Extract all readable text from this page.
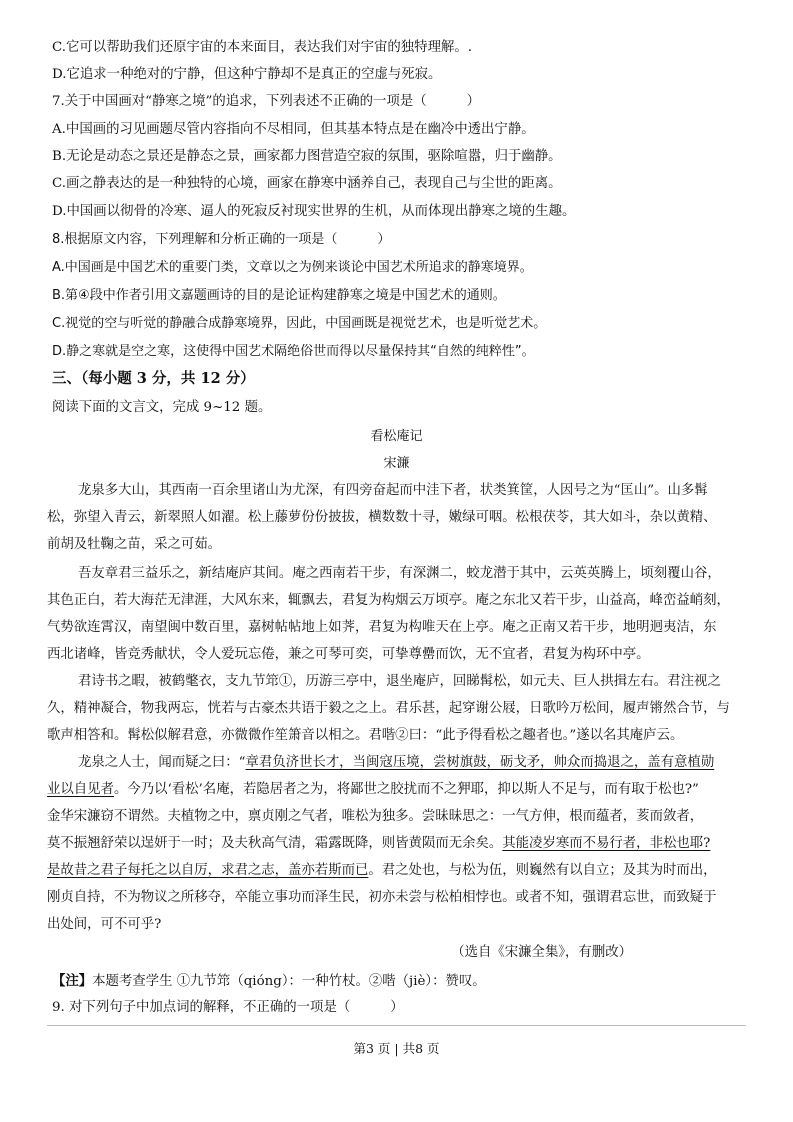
C.它可以帮助我们还原宇宙的本来面目，表达我们对宇宙的独特理解。.
D.它追求一种绝对的宁静，但这种宁静却不是真正的空虚与死寂。
7.关于中国画对“静寒之境”的追求，下列表述不正确的一项是（	）
A.中国画的习见画题尽管内容指向不尽相同，但其基本特点是在幽冷中透出宁静。
B.无论是动态之景还是静态之景，画家都力图营造空寂的氛围，驱除喧嚣，归于幽静。
C.画之静表达的是一种独特的心境，画家在静寒中涵养自己，表现自己与尘世的距离。
D.中国画以彻骨的冷寒、逼人的死寂反衬现实世界的生机，从而体现出静寒之境的生趣。
8.根据原文内容，下列理解和分析正确的一项是（	）
A.中国画是中国艺术的重要门类，文章以之为例来谈论中国艺术所追求的静寒境界。
B.第④段中作者引用文嘉题画诗的目的是论证构建静寒之境是中国艺术的通则。
C.视觉的空与听觉的静融合成静寒境界，因此，中国画既是视觉艺术，也是听觉艺术。
D.静之寒就是空之寒，这使得中国艺术隔绝俗世而得以尽量保持其“自然的纯粹性”。
三、（每小题 3 分，共 12 分）
阅读下面的文言文，完成 9~12 题。
看松庵记
宋濂
龙泉多大山，其西南一百余里诸山为尤深，有四旁奋起而中洼下者，状类箕筐，人因号之为“匡山”。山多髯
松，弥望入青云，新翠照人如濯。松上藤萝份份披拔，横数数十寻，嫩绿可咽。松根茯苓，其大如斗，杂以黄精、
前胡及牡鞠之苗，采之可茹。
吾友章君三益乐之，新结庵庐其间。庵之西南若干步，有深渊二，蛟龙潜于其中，云英英腾上，顷刻覆山谷，
其色正白，若大海茫无津涯，大风东来，辄飘去，君复为构烟云万顷亭。庵之东北又若干步，山益高，峰峦益峭刻，
气势欲连霄汉，南望闽中数百里，嘉树帖帖地上如荠，君复为构唯天在上亭。庵之正南又若干步，地明迥夷洁，东
西北诸峰，皆竞秀献状，令人爱玩忘倦，兼之可琴可奕，可挚尊罍而饮，无不宜者，君复为构环中亭。
君诗书之暇，被鹤氅衣，支九节筇①，历游三亭中，退坐庵庐，回睇髯松，如元夫、巨人拱揖左右。君注视之
久，精神凝合，物我两忘，恍若与古豪杰共语于毅之之上。君乐甚，起穿谢公屐，日歌吟万松间，履声锵然合节，与
歌声相答和。髯松似解君意，亦微微作笙箫音以相之。君喈②曰：“此予得看松之趣者也。”遂以名其庵庐云。
龙泉之人士，闻而疑之曰：“章君负济世长才，当闽寇压境，尝树旗鼓，砺戈矛，帅众而捣退之，盖有意植勋
业以自见者。今乃以‘看松’名庵，若隐居者之为，将鄙世之胶扰而不之狎耶，抑以斯人不足与，而有取于松也?”
金华宋濂窃不谓然。夫植物之中，禀贞刚之气者，唯松为独多。尝昧昧思之：一气方伸，根而蕴者，荄而敛者，
莫不振翘舒荣以逞妍于一时；及夫秋高气清，霜露既降，则皆黄陨而无余矣。其能凌岁寒而不易行者，非松也耶?
是故昔之君子每托之以自厉，求君之志，盖亦若斯而已。君之处也，与松为伍，则巍然有以自立；及其为时而出，
刚贞自持，不为物议之所移夺，卒能立事功而泽生民，初亦未尝与松柏相悖也。或者不知，强谓君忘世，而致疑于
出处间，可不可乎?
（选自《宋濂全集》，有删改）
【注】本题考查学生 ①九节筇（qióng）：一种竹杖。②喈（jiè）：赞叹。
9. 对下列句子中加点词的解释，不正确的一项是（	）
第3 页 | 共8 页
